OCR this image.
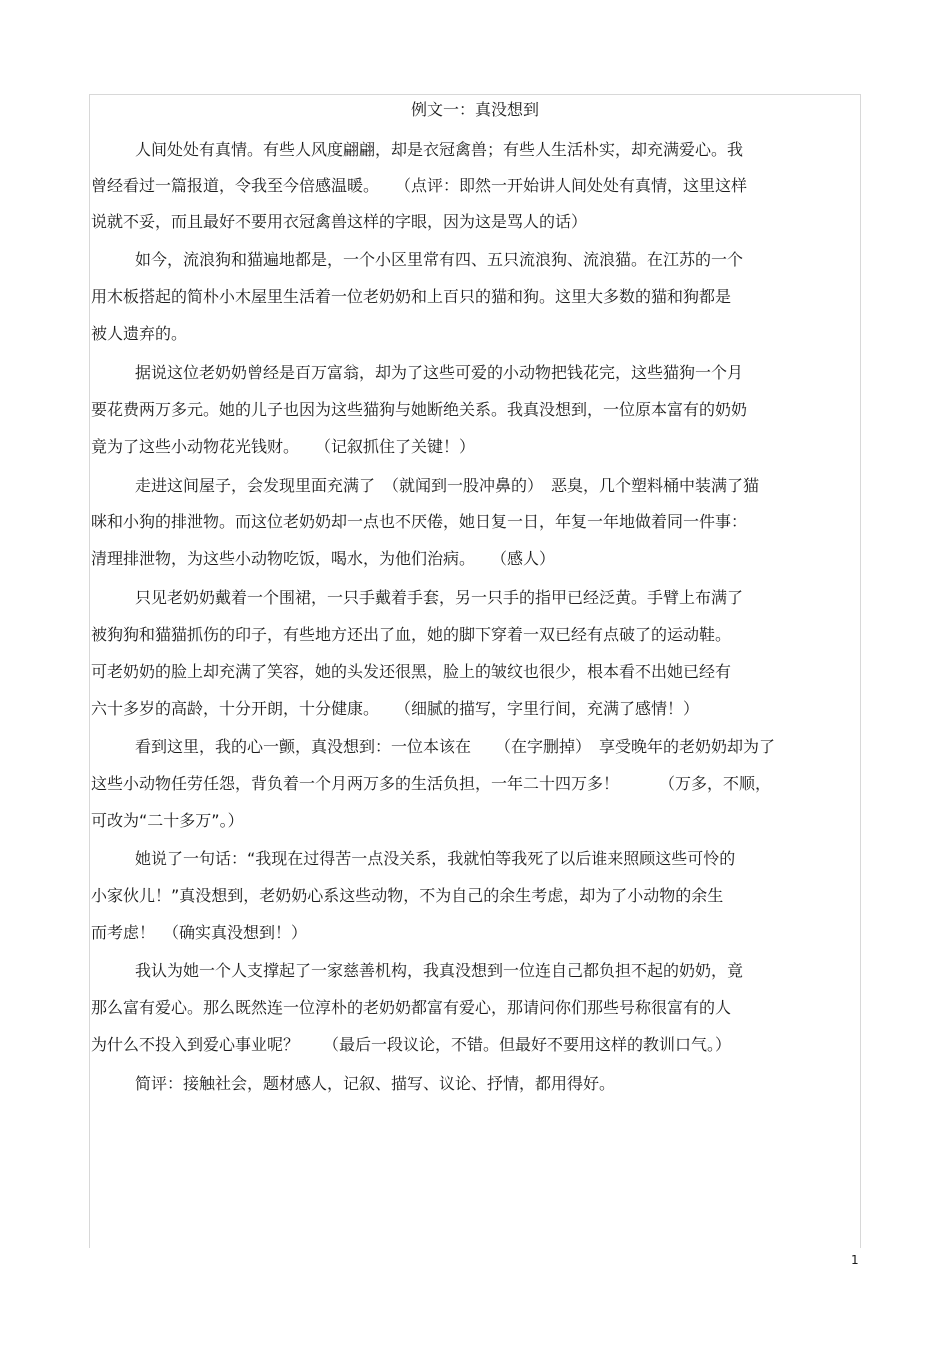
例文一：真没想到
人间处处有真情。有些人风度翩翩，却是衣冠禽兽；有些人生活朴实，却充满爱心。我
曾经看过一篇报道，令我至今倍感温暖。　　（点评：即然一开始讲人间处处有真情，这里这样
说就不妥，而且最好不要用衣冠禽兽这样的字眼，因为这是骂人的话）
如今，流浪狗和猫遍地都是，一个小区里常有四、五只流浪狗、流浪猫。在江苏的一个
用木板搭起的简朴小木屋里生活着一位老奶奶和上百只的猫和狗。这里大多数的猫和狗都是
被人遗弃的。
据说这位老奶奶曾经是百万富翁，却为了这些可爱的小动物把钱花完，这些猫狗一个月
要花费两万多元。她的儿子也因为这些猫狗与她断绝关系。我真没想到，一位原本富有的奶奶
竟为了这些小动物花光钱财。　　（记叙抓住了关键！）
走进这间屋子，会发现里面充满了　（就闻到一股冲鼻的）　恶臭，几个塑料桶中装满了猫
咪和小狗的排泄物。而这位老奶奶却一点也不厌倦，她日复一日，年复一年地做着同一件事：
清理排泄物，为这些小动物吃饭，喝水，为他们治病。　　（感人）
只见老奶奶戴着一个围裙，一只手戴着手套，另一只手的指甲已经泛黄。手臂上布满了
被狗狗和猫猫抓伤的印子，有些地方还出了血，她的脚下穿着一双已经有点破了的运动鞋。
可老奶奶的脸上却充满了笑容，她的头发还很黑，脸上的皱纹也很少，根本看不出她已经有
六十多岁的高龄，十分开朗，十分健康。　　（细腻的描写，字里行间，充满了感情！）
看到这里，我的心一颤，真没想到：一位本该在　　（在字删掉）　享受晚年的老奶奶却为了
这些小动物任劳任怨，背负着一个月两万多的生活负担，一年二十四万多！　　　（万多，不顺，
可改为“二十多万”。）
她说了一句话：“我现在过得苦一点没关系，我就怕等我死了以后谁来照顾这些可怜的
小家伙儿！”真没想到，老奶奶心系这些动物，不为自己的余生考虑，却为了小动物的余生
而考虑！　（确实真没想到！）
我认为她一个人支撑起了一家慈善机构，我真没想到一位连自己都负担不起的奶奶，竟
那么富有爱心。那么既然连一位淳朴的老奶奶都富有爱心，那请问你们那些号称很富有的人
为什么不投入到爱心事业呢？　　（最后一段议论，不错。但最好不要用这样的教训口气。）
简评：接触社会，题材感人，记叙、描写、议论、抒情，都用得好。
1
